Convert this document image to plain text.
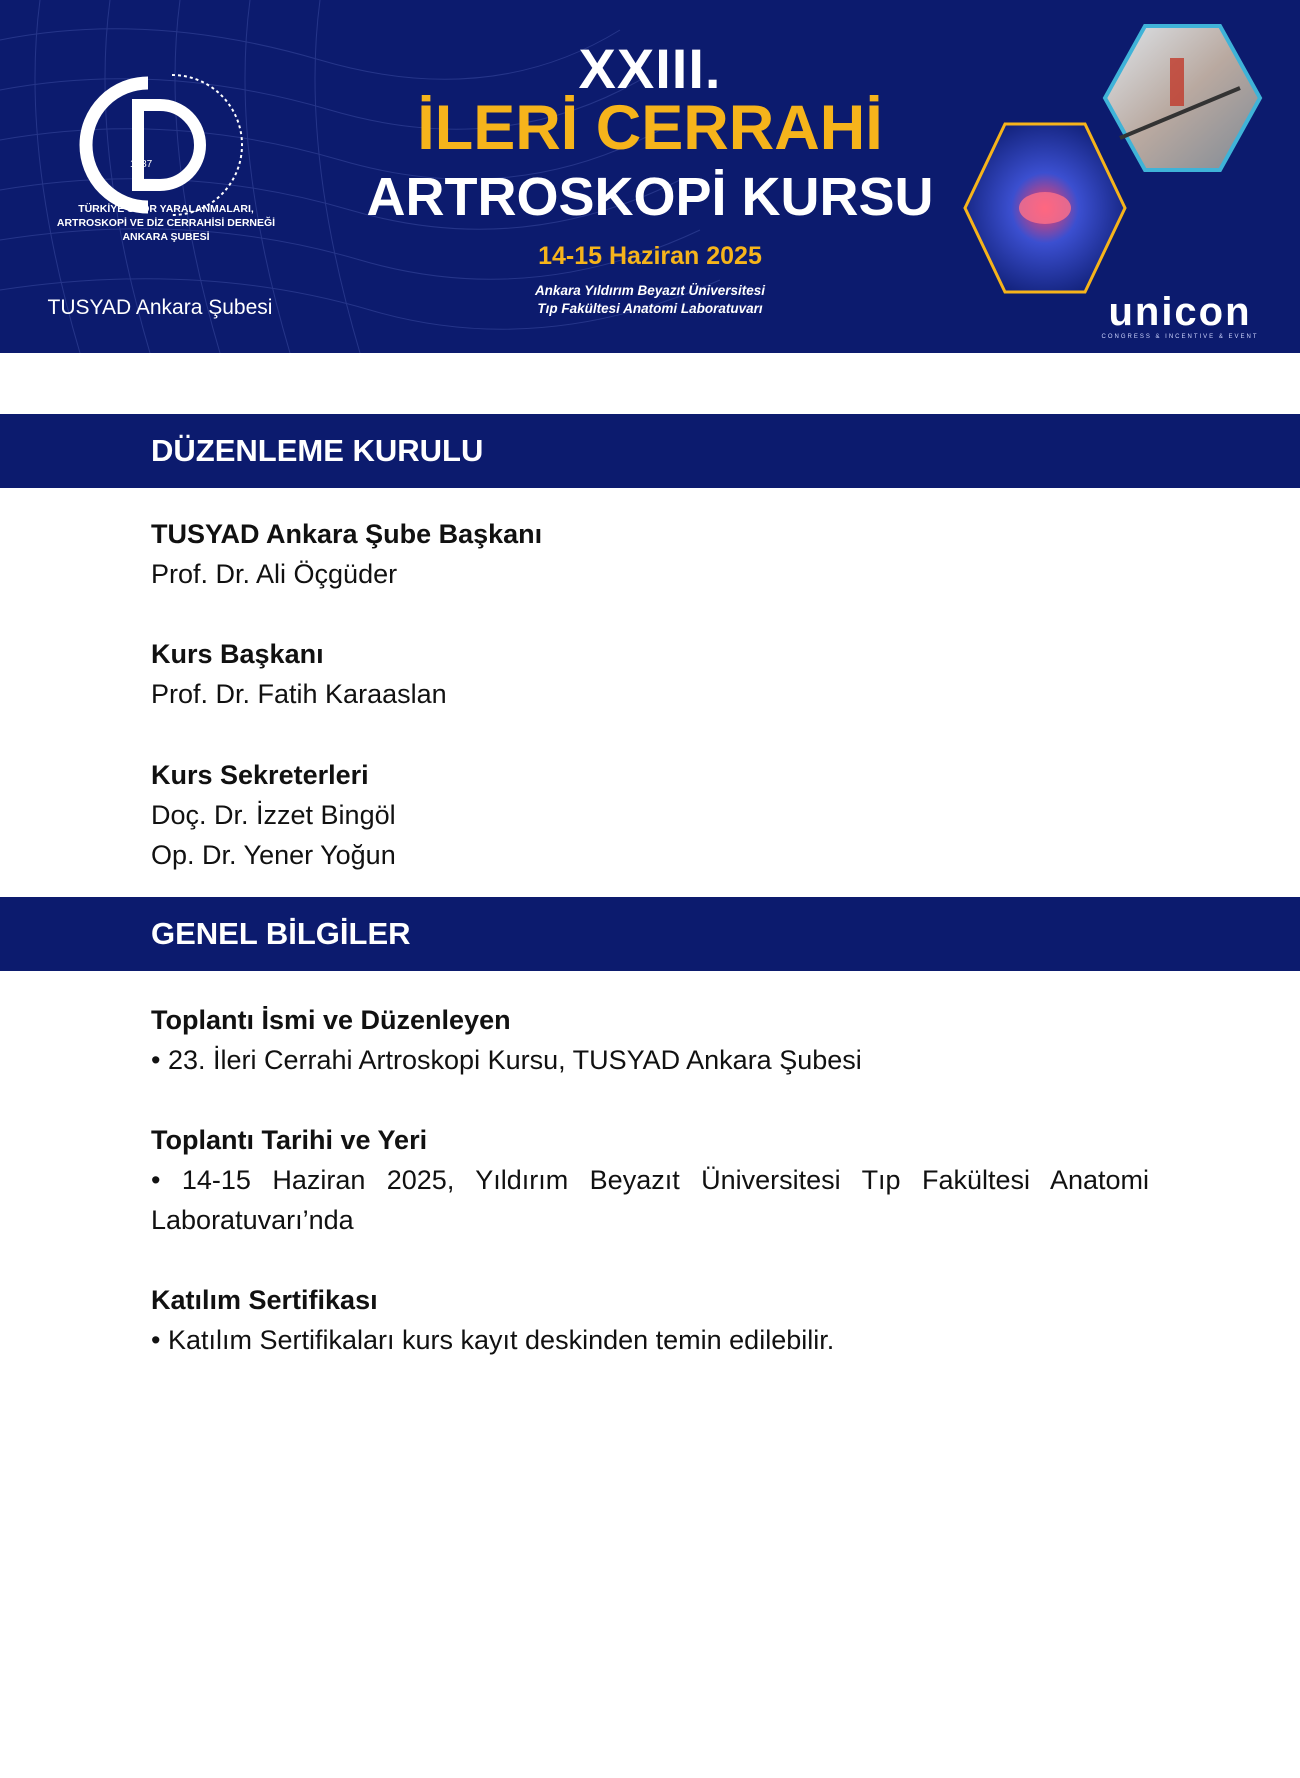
1987
TÜRKİYE SPOR YARALANMALARI,
ARTROSKOPİ VE DİZ CERRAHİSİ DERNEĞİ
ANKARA ŞUBESİ
TUSYAD Ankara Şubesi
XXIII.
İLERİ CERRAHİ
ARTROSKOPİ KURSU
14-15 Haziran 2025
Ankara Yıldırım Beyazıt Üniversitesi
Tıp Fakültesi Anatomi Laboratuvarı	unicon
CONGRESS & INCENTIVE & EVENT
DÜZENLEME KURULU
TUSYAD Ankara Şube Başkanı
Prof. Dr. Ali Öçgüder
Kurs Başkanı
Prof. Dr. Fatih Karaaslan
Kurs Sekreterleri
Doç. Dr. İzzet Bingöl
Op. Dr. Yener Yoğun
GENEL BİLGİLER
Toplantı İsmi ve Düzenleyen
• 23. İleri Cerrahi Artroskopi Kursu, TUSYAD Ankara Şubesi
Toplantı Tarihi ve Yeri
• 14-15 Haziran 2025, Yıldırım Beyazıt Üniversitesi Tıp Fakültesi Anatomi Laboratuvarı’nda
Katılım Sertifikası
• Katılım Sertifikaları kurs kayıt deskinden temin edilebilir.
